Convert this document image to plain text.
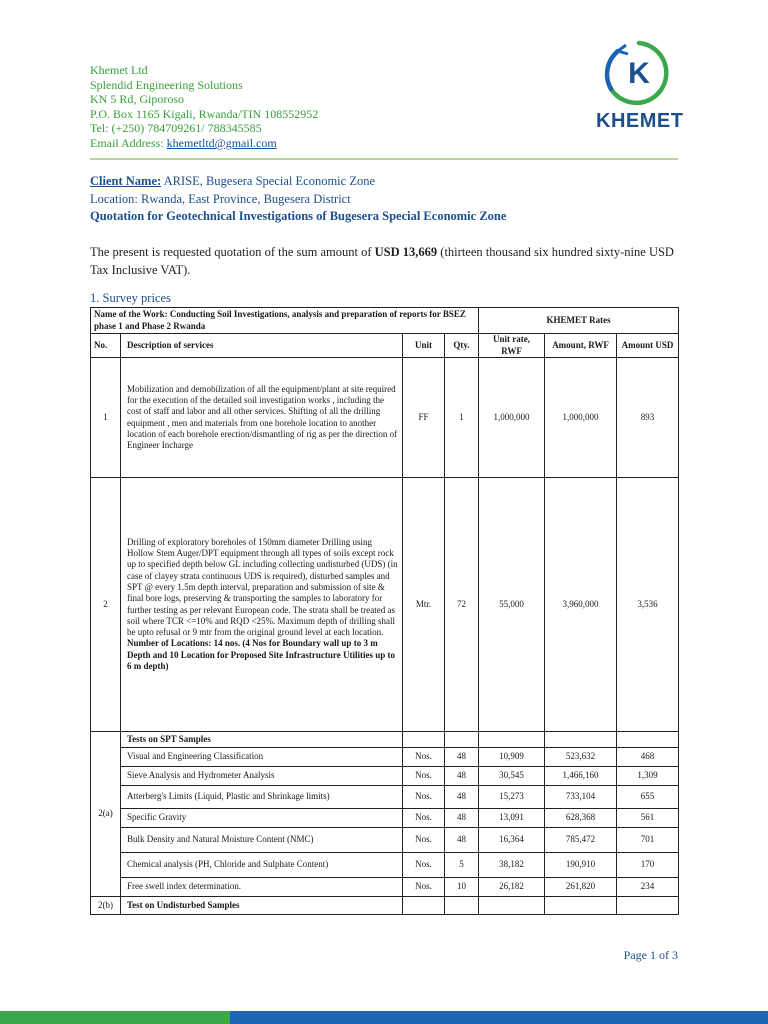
Khemet Ltd
Splendid Engineering Solutions
KN 5 Rd, Giporoso
P.O. Box 1165 Kigali, Rwanda/TIN 108552952
Tel: (+250) 784709261/ 788345585
Email Address: khemetltd@gmail.com
K
KHEMET
Client Name: ARISE, Bugesera Special Economic Zone
Location: Rwanda, East Province, Bugesera District
Quotation for Geotechnical Investigations of Bugesera Special Economic Zone
The present is requested quotation of the sum amount of USD 13,669 (thirteen thousand six hundred sixty-nine USD Tax Inclusive VAT).
1. Survey prices
Name of the Work: Conducting Soil Investigations, analysis and preparation of reports for BSEZ phase 1 and Phase 2 Rwanda				KHEMET Rates		
No.	Description of services	Unit	Qty.	Unit rate, RWF	Amount, RWF	Amount USD
1	Mobilization and demobilization of all the equipment/plant at site required for the execution of the detailed soil investigation works , including the cost of staff and labor and all other services. Shifting of all the drilling equipment , men and materials from one borehole location to another location of each borehole erection/dismantling of rig as per the direction of Engineer Incharge	FF	1	1,000,000	1,000,000	893
2	Drilling of exploratory boreholes of 150mm diameter Drilling using Hollow Stem Auger/DPT equipment through all types of soils except rock up to specified depth below GL including collecting undisturbed (UDS) (in case of clayey strata continuous UDS is required), disturbed samples and SPT @ every 1.5m depth interval, preparation and submission of site & final bore logs, preserving & transporting the samples to laboratory for further testing as per relevant European code. The strata shall be treated as soil where TCR <=10% and RQD <25%. Maximum depth of drilling shall be upto refusal or 9 mtr from the original ground level at each location.
Number of Locations: 14 nos. (4 Nos for Boundary wall up to 3 m Depth and 10 Location for Proposed Site Infrastructure Utilities up to 6 m depth)	Mtr.	72	55,000	3,960,000	3,536
2(a)	Tests on SPT Samples					
	Visual and Engineering Classification	Nos.	48	10,909	523,632	468
	Sieve Analysis and Hydrometer Analysis	Nos.	48	30,545	1,466,160	1,309
	Atterberg's Limits (Liquid, Plastic and Shrinkage limits)	Nos.	48	15,273	733,104	655
	Specific Gravity	Nos.	48	13,091	628,368	561
	Bulk Density and Natural Moisture Content (NMC)	Nos.	48	16,364	785,472	701
	Chemical analysis (PH, Chloride and Sulphate Content)	Nos.	5	38,182	190,910	170
	Free swell index determination.	Nos.	10	26,182	261,820	234
2(b)	Test on Undisturbed Samples					
Page 1 of 3
